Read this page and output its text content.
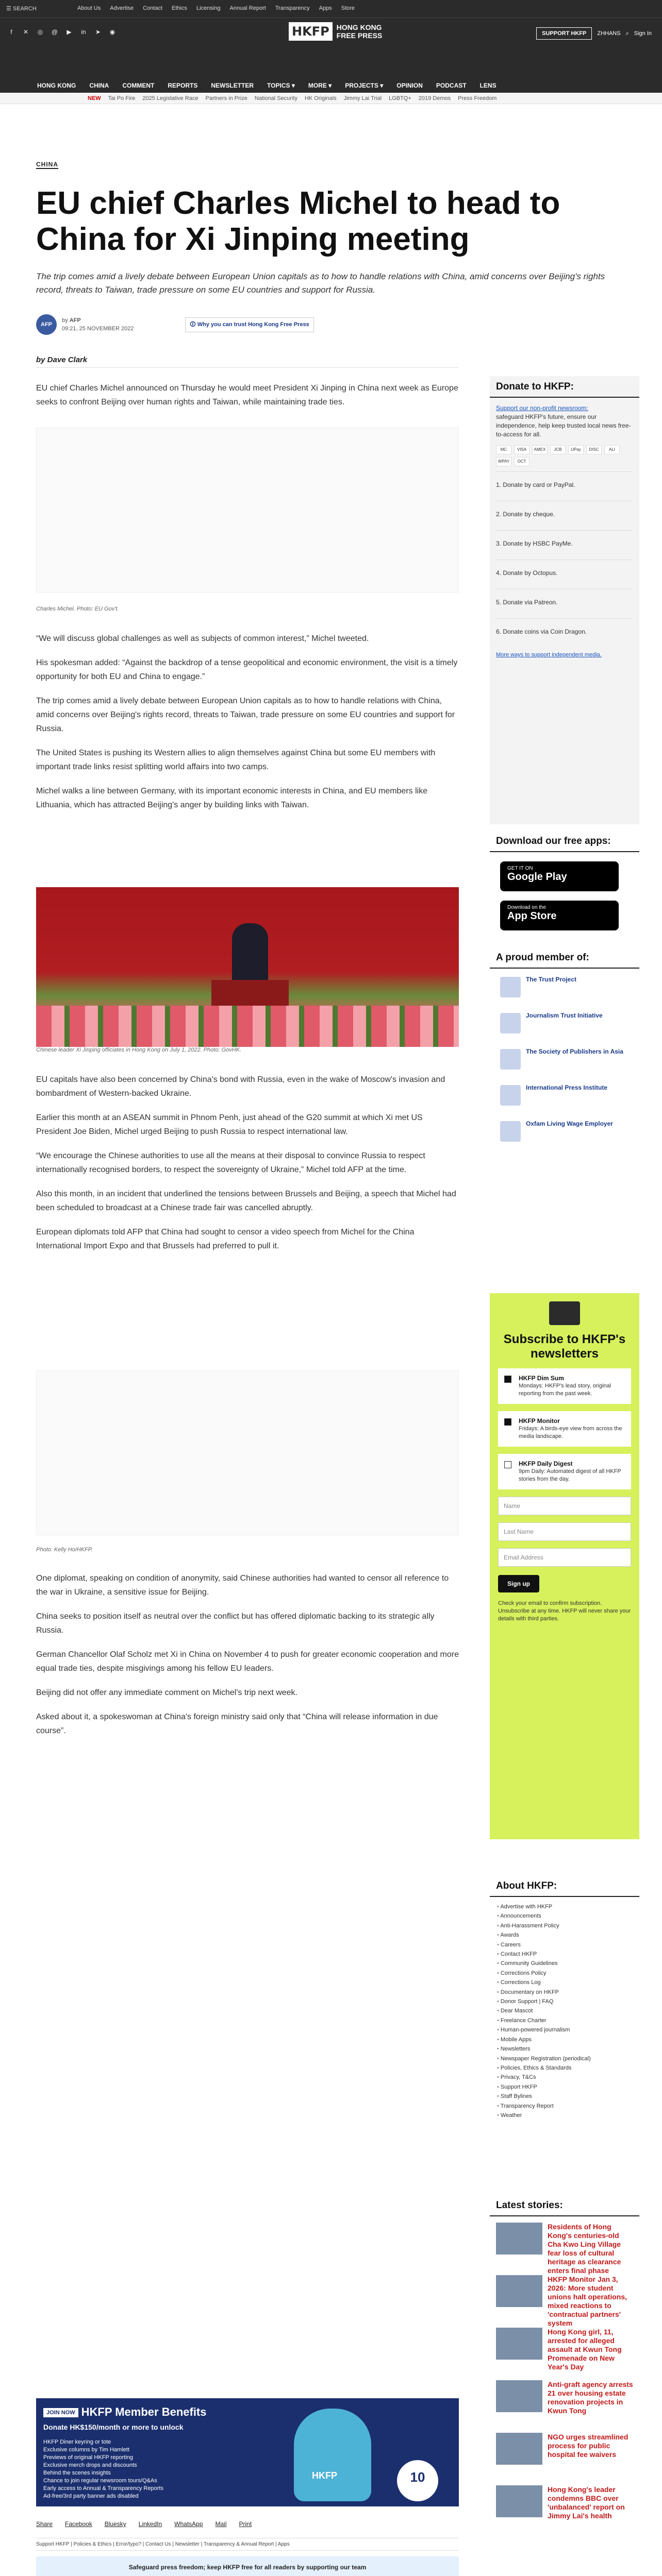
☰ SEARCH	About Us Advertise Contact Ethics Licensing Annual Report Transparency Apps Store
f	✕ ◎ @ ▶ in ➤ ◉	HKFP	HONG KONG
FREE PRESS	SUPPORT HKFP	ZHHANS ⌕ Sign In
HONG KONG CHINA COMMENT REPORTS NEWSLETTER TOPICS ▾ MORE ▾ PROJECTS ▾ OPINION PODCAST LENS
NEW Tai Po Fire 2025 Legislative Race Partners in Prize National Security HK Originals Jimmy Lai Trial LGBTQ+ 2019 Demos Press Freedom
CHINA
EU chief Charles Michel to head to China for Xi Jinping meeting

The trip comes amid a lively debate between European Union capitals as to how to handle relations with China, amid concerns over Beijing's rights record, threats to Taiwan, trade pressure on some EU countries and support for Russia.

AFP
by AFP
09:21, 25 NOVEMBER 2022
🛈 Why you can trust Hong Kong Free Press
by Dave Clark

EU chief Charles Michel announced on Thursday he would meet President Xi Jinping in China next week as Europe seeks to confront Beijing over human rights and Taiwan, while maintaining trade ties.

Charles Michel. Photo: EU Gov't.

“We will discuss global challenges as well as subjects of common interest,” Michel tweeted.

His spokesman added: “Against the backdrop of a tense geopolitical and economic environment, the visit is a timely opportunity for both EU and China to engage.”

The trip comes amid a lively debate between European Union capitals as to how to handle relations with China, amid concerns over Beijing's rights record, threats to Taiwan, trade pressure on some EU countries and support for Russia.

The United States is pushing its Western allies to align themselves against China but some EU members with important trade links resist splitting world affairs into two camps.

Michel walks a line between Germany, with its important economic interests in China, and EU members like Lithuania, which has attracted Beijing's anger by building links with Taiwan.

Chinese leader Xi Jinping officiates in Hong Kong on July 1, 2022. Photo: GovHK.

EU capitals have also been concerned by China's bond with Russia, even in the wake of Moscow's invasion and bombardment of Western-backed Ukraine.

Earlier this month at an ASEAN summit in Phnom Penh, just ahead of the G20 summit at which Xi met US President Joe Biden, Michel urged Beijing to push Russia to respect international law.

“We encourage the Chinese authorities to use all the means at their disposal to convince Russia to respect internationally recognised borders, to respect the sovereignty of Ukraine,” Michel told AFP at the time.

Also this month, in an incident that underlined the tensions between Brussels and Beijing, a speech that Michel had been scheduled to broadcast at a Chinese trade fair was cancelled abruptly.

European diplomats told AFP that China had sought to censor a video speech from Michel for the China International Import Expo and that Brussels had preferred to pull it.

Photo: Kelly Ho/HKFP.

One diplomat, speaking on condition of anonymity, said Chinese authorities had wanted to censor all reference to the war in Ukraine, a sensitive issue for Beijing.

China seeks to position itself as neutral over the conflict but has offered diplomatic backing to its strategic ally Russia.

German Chancellor Olaf Scholz met Xi in China on November 4 to push for greater economic cooperation and more equal trade ties, despite misgivings among his fellow EU leaders.

Beijing did not offer any immediate comment on Michel's trip next week.

Asked about it, a spokeswoman at China's foreign ministry said only that “China will release information in due course”.

JOIN NOW HKFP Member Benefits
Donate HK$150/month or more to unlock
HKFP Diner keyring or tote
Exclusive columns by Tim Hamlett
Previews of original HKFP reporting
Exclusive merch drops and discounts
Behind the scenes insights
Chance to join regular newsroom tours/Q&As
Early access to Annual & Transparency Reports
Ad-free/3rd party banner ads disabled
HKFP	10
Share Facebook Bluesky LinkedIn WhatsApp Mail Print
Support HKFP | Policies & Ethics | Error/typo? | Contact Us | Newsletter | Transparency & Annual Report | Apps
Safeguard press freedom; keep HKFP free for all readers by supporting our team

Donate to HKFP:
Support our non-profit newsroom:
safeguard HKFP's future, ensure our independence, help keep trusted local news free-to-access for all.
MC	VISA	AMEX	JCB	UPay	DISC	ALI
WPAY	OCT
1. Donate by card or PayPal.
2. Donate by cheque.
3. Donate by HSBC PayMe.
4. Donate by Octopus.
5. Donate via Patreon.
6. Donate coins via Coin Dragon.
More ways to support independent media.
Download our free apps:
GET IT ON
Google Play
Download on the
App Store
A proud member of:
The Trust Project
Journalism Trust Initiative
The Society of Publishers in Asia
International Press Institute
Oxfam Living Wage Employer
Subscribe to HKFP's newsletters
HKFP Dim Sum
Mondays: HKFP's lead story, original reporting from the past week.
HKFP Monitor
Fridays: A birds-eye view from across the media landscape.
HKFP Daily Digest
9pm Daily: Automated digest of all HKFP stories from the day.
Name
Last Name
Email Address
Sign up

Check your email to confirm subscription. Unsubscribe at any time. HKFP will never share your details with third parties.

About HKFP:
• Advertise with HKFP
• Announcements
• Anti-Harassment Policy
• Awards
• Careers
• Contact HKFP
• Community Guidelines
• Corrections Policy
• Corrections Log
• Documentary on HKFP
• Donor Support | FAQ
• Dear Mascot
• Freelance Charter
• Human-powered journalism
• Mobile Apps
• Newsletters
• Newspaper Registration (periodical)
• Policies, Ethics & Standards
• Privacy, T&Cs
• Support HKFP
• Staff Bylines
• Transparency Report
• Weather
Latest stories:
Residents of Hong Kong's centuries-old Cha Kwo Ling Village fear loss of cultural heritage as clearance enters final phase
HKFP Monitor Jan 3, 2026: More student unions halt operations, mixed reactions to 'contractual partners' system
Hong Kong girl, 11, arrested for alleged assault at Kwun Tong Promenade on New Year's Day
Anti-graft agency arrests 21 over housing estate renovation projects in Kwun Tong
NGO urges streamlined process for public hospital fee waivers
Hong Kong's leader condemns BBC over 'unbalanced' report on Jimmy Lai's health
